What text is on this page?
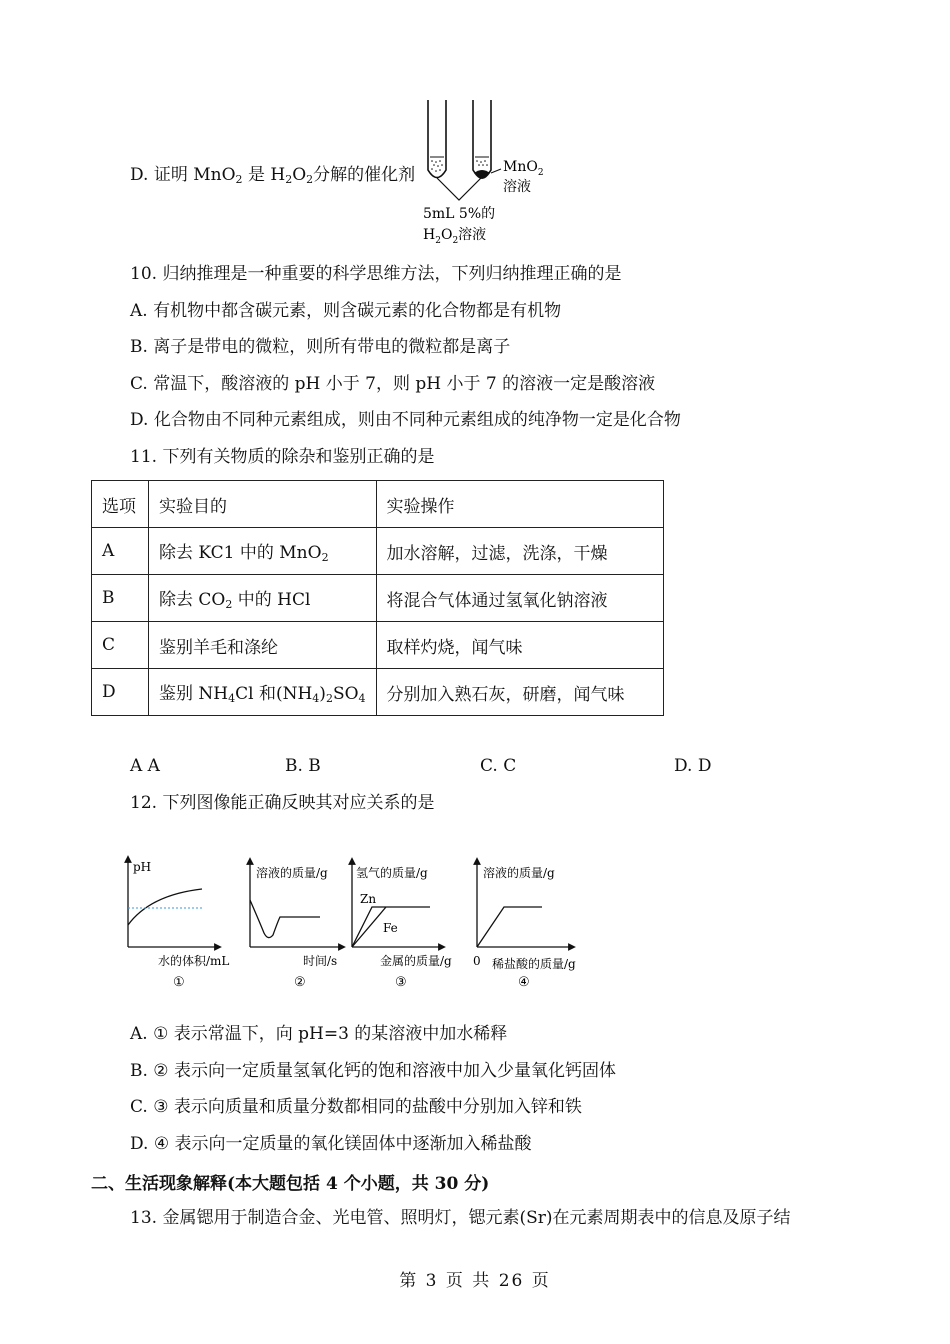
D. 证明 MnO$_2$ 是 $H_2O_2$分解的催化剂	MnO$_2$
溶液
5mL 5%的
$H_2O_2$溶液
10. 归纳推理是一种重要的科学思维方法，下列归纳推理正确的是
A. 有机物中都含碳元素，则含碳元素的化合物都是有机物
B. 离子是带电的微粒，则所有带电的微粒都是离子
C. 常温下，酸溶液的 pH 小于 7，则 pH 小于 7 的溶液一定是酸溶液
D. 化合物由不同种元素组成，则由不同种元素组成的纯净物一定是化合物
11. 下列有关物质的除杂和鉴别正确的是
选项	实验目的	实验操作
A	除去 KC1 中的 MnO$_2$	加水溶解，过滤，洗涤，干燥
B	除去 $CO_2$ 中的 HCl	将混合气体通过氢氧化钠溶液
C	鉴别羊毛和涤纶	取样灼烧，闻气味
D	鉴别 $NH_4Cl$ 和$(NH_4)_2SO_4$	分别加入熟石灰，研磨，闻气味
A A	B. B	C. C	D. D
12. 下列图像能正确反映其对应关系的是
pH
水的体积/mL
①
溶液的质量/g
时间/s
②
氢气的质量/g
Zn
Fe
金属的质量/g
③
溶液的质量/g
0 稀盐酸的质量/g
④
A. ① 表示常温下，向 pH=3 的某溶液中加水稀释
B. ② 表示向一定质量氢氧化钙的饱和溶液中加入少量氧化钙固体
C. ③ 表示向质量和质量分数都相同的盐酸中分别加入锌和铁
D. ④ 表示向一定质量的氧化镁固体中逐渐加入稀盐酸
二、生活现象解释(本大题包括 4 个小题，共 30 分)
13. 金属锶用于制造合金、光电管、照明灯，锶元素(Sr)在元素周期表中的信息及原子结
第 3 页 共 26 页
